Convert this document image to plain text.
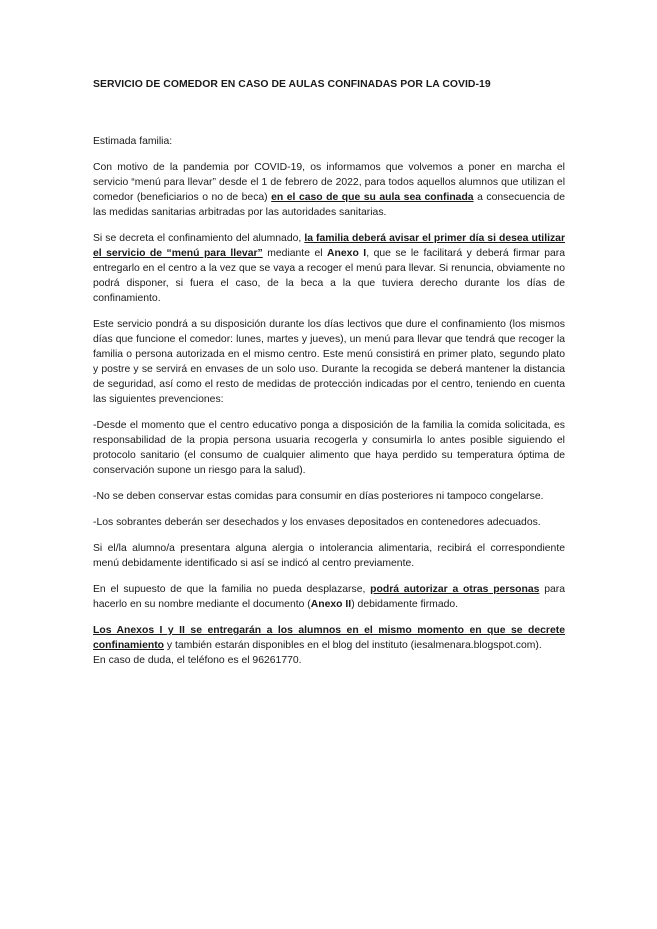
SERVICIO DE COMEDOR EN CASO DE AULAS CONFINADAS POR LA COVID-19

Estimada familia:

Con motivo de la pandemia por COVID-19, os informamos que volvemos a poner en marcha el servicio “menú para llevar” desde el 1 de febrero de 2022, para todos aquellos alumnos que utilizan el comedor (beneficiarios o no de beca) en el caso de que su aula sea confinada a consecuencia de las medidas sanitarias arbitradas por las autoridades sanitarias.

Si se decreta el confinamiento del alumnado, la familia deberá avisar el primer día si desea utilizar el servicio de “menú para llevar” mediante el Anexo I, que se le facilitará y deberá firmar para entregarlo en el centro a la vez que se vaya a recoger el menú para llevar. Si renuncia, obviamente no podrá disponer, si fuera el caso, de la beca a la que tuviera derecho durante los días de confinamiento.

Este servicio pondrá a su disposición durante los días lectivos que dure el confinamiento (los mismos días que funcione el comedor: lunes, martes y jueves), un menú para llevar que tendrá que recoger la familia o persona autorizada en el mismo centro. Este menú consistirá en primer plato, segundo plato y postre y se servirá en envases de un solo uso. Durante la recogida se deberá mantener la distancia de seguridad, así como el resto de medidas de protección indicadas por el centro, teniendo en cuenta las siguientes prevenciones:

-Desde el momento que el centro educativo ponga a disposición de la familia la comida solicitada, es responsabilidad de la propia persona usuaria recogerla y consumirla lo antes posible siguiendo el protocolo sanitario (el consumo de cualquier alimento que haya perdido su temperatura óptima de conservación supone un riesgo para la salud).

-No se deben conservar estas comidas para consumir en días posteriores ni tampoco congelarse.

-Los sobrantes deberán ser desechados y los envases depositados en contenedores adecuados.

Si el/la alumno/a presentara alguna alergia o intolerancia alimentaria, recibirá el correspondiente menú debidamente identificado si así se indicó al centro previamente.

En el supuesto de que la familia no pueda desplazarse, podrá autorizar a otras personas para hacerlo en su nombre mediante el documento (Anexo II) debidamente firmado.

Los Anexos I y II se entregarán a los alumnos en el mismo momento en que se decrete confinamiento y también estarán disponibles en el blog del instituto (iesalmenara.blogspot.com).

En caso de duda, el teléfono es el 96261770.
